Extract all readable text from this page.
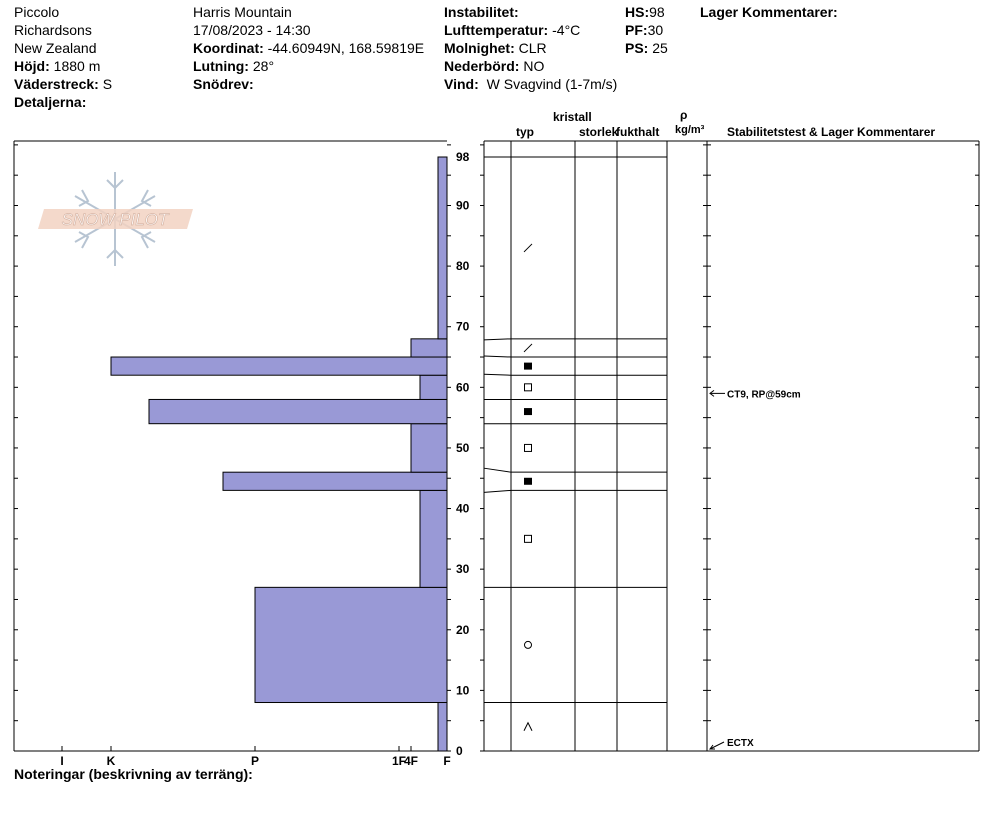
Piccolo
Richardsons
New Zealand
Höjd: 1880 m
Väderstreck: S
Detaljerna:
Harris Mountain
17/08/2023 - 14:30
Koordinat: -44.60949N, 168.59819E
Lutning: 28°
Snödrev:
Instabilitet:
Lufttemperatur: -4°C
Molnighet: CLR
Nederbörd: NO
Vind: W Svagvind (1-7m/s)
HS:98
PF:30
PS: 25
Lager Kommentarer:
kristall
typ	storlek
fukthalt
ρ
kg/m³ Stabilitetstest & Lager Kommentarer
Noteringar (beskrivning av terräng):
SNOW PILOT
0
10
20
30
40
50
60
70
80
90
98
I	K	P	1F
4F F
CT9, RP@59cm
ECTX
